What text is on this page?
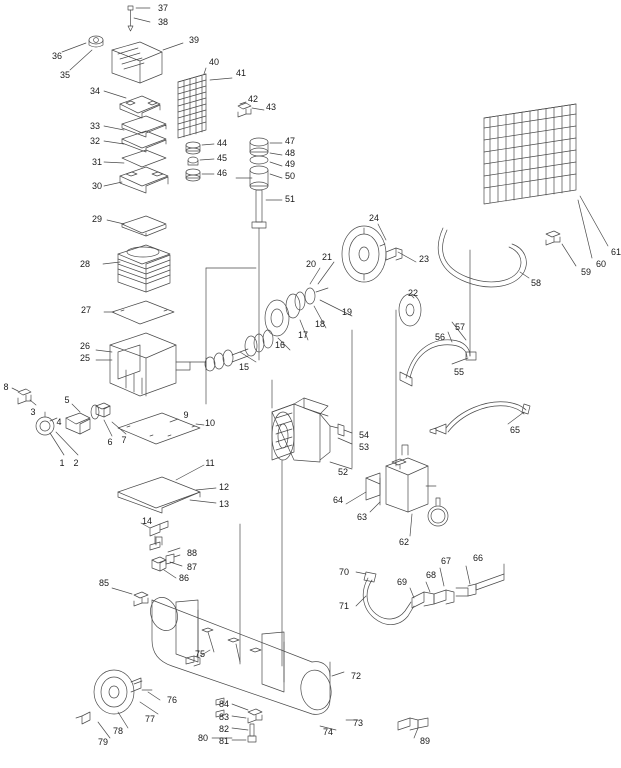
1 2
3
4
5
6 7
8
9
10
11
12
13
14
15
16
17
18
19
20
21
22
23
24
25
26
27
28
29
30
31
32
33
34
35
36
37
38
39
40
41
42
43
44
45
46
47
48
49
50
51
52
53
54
55
56
57
58
59
60
61
62
63
64
65
66
67
68
69
70
71
72
73
74
75
76
77
78
79	80 81
82
83
84
85	86
87
88
89
